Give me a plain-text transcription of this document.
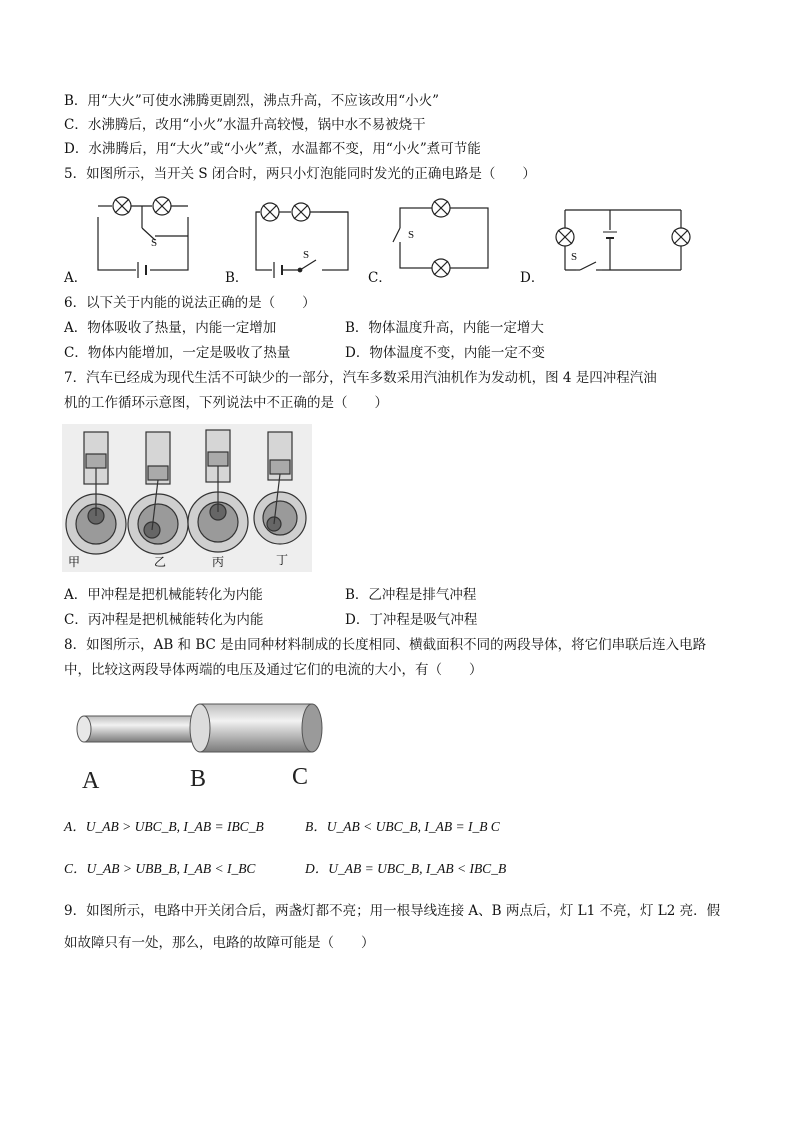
B．用“大火”可使水沸腾更剧烈，沸点升高，不应该改用“小火”
C．水沸腾后，改用“小火”水温升高较慢，锅中水不易被烧干
D．水沸腾后，用“大火”或“小火”煮，水温都不变，用“小火”煮可节能
5．如图所示，当开关 S 闭合时，两只小灯泡能同时发光的正确电路是（　　）
S
S
S
S
A．	B．	C．	D．
6．以下关于内能的说法正确的是（　　）
A．物体吸收了热量，内能一定增加	B．物体温度升高，内能一定增大
C．物体内能增加，一定是吸收了热量	D．物体温度不变，内能一定不变
7．汽车已经成为现代生活不可缺少的一部分，汽车多数采用汽油机作为发动机，图 4 是四冲程汽油
机的工作循环示意图，下列说法中不正确的是（　　）
甲	乙	丙	丁
A．甲冲程是把机械能转化为内能	B．乙冲程是排气冲程
C．丙冲程是把机械能转化为内能	D．丁冲程是吸气冲程
8．如图所示，AB 和 BC 是由同种材料制成的长度相同、横截面积不同的两段导体，将它们串联后连入电路
中，比较这两段导体两端的电压及通过它们的电流的大小，有（　　）
A	B	C
A．U_AB > UBC_B, I_AB = IBC_B	B．U_AB < UBC_B, I_AB = I_B C
C．U_AB > UBB_B, I_AB < I_BC	D．U_AB = UBC_B, I_AB < IBC_B
9．如图所示，电路中开关闭合后，两盏灯都不亮；用一根导线连接 A、B 两点后，灯 L1 不亮，灯 L2 亮．假
如故障只有一处，那么，电路的故障可能是（　　）
